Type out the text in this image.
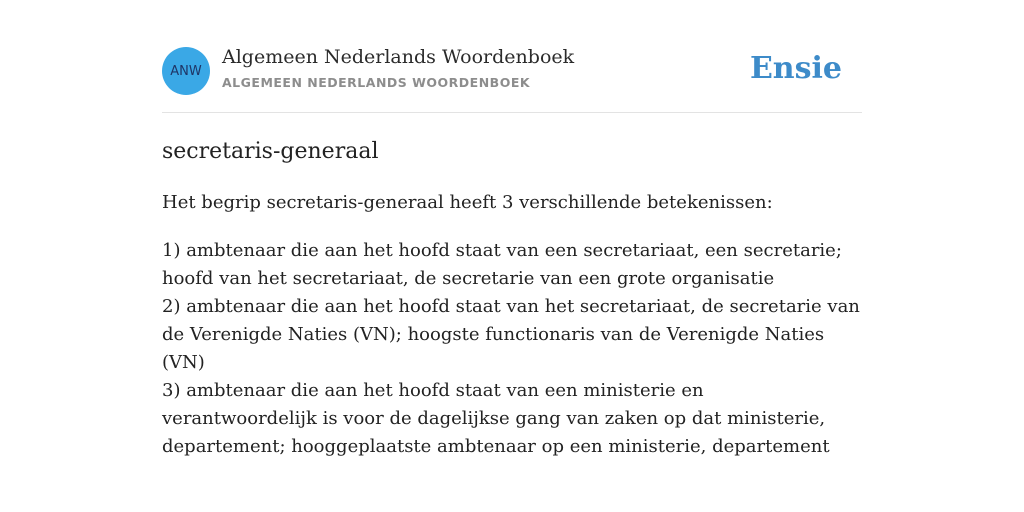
ANW
Algemeen Nederlands Woordenboek
ALGEMEEN NEDERLANDS WOORDENBOEK	Ensie
secretaris-generaal
Het begrip secretaris-generaal heeft 3 verschillende betekenissen:

1) ambtenaar die aan het hoofd staat van een secretariaat, een secretarie; hoofd van het secretariaat, de secretarie van een grote organisatie

2) ambtenaar die aan het hoofd staat van het secretariaat, de secretarie van de Verenigde Naties (VN); hoogste functionaris van de Verenigde Naties (VN)

3) ambtenaar die aan het hoofd staat van een ministerie en verantwoordelijk is voor de dagelijkse gang van zaken op dat ministerie, departement; hooggeplaatste ambtenaar op een ministerie, departement
